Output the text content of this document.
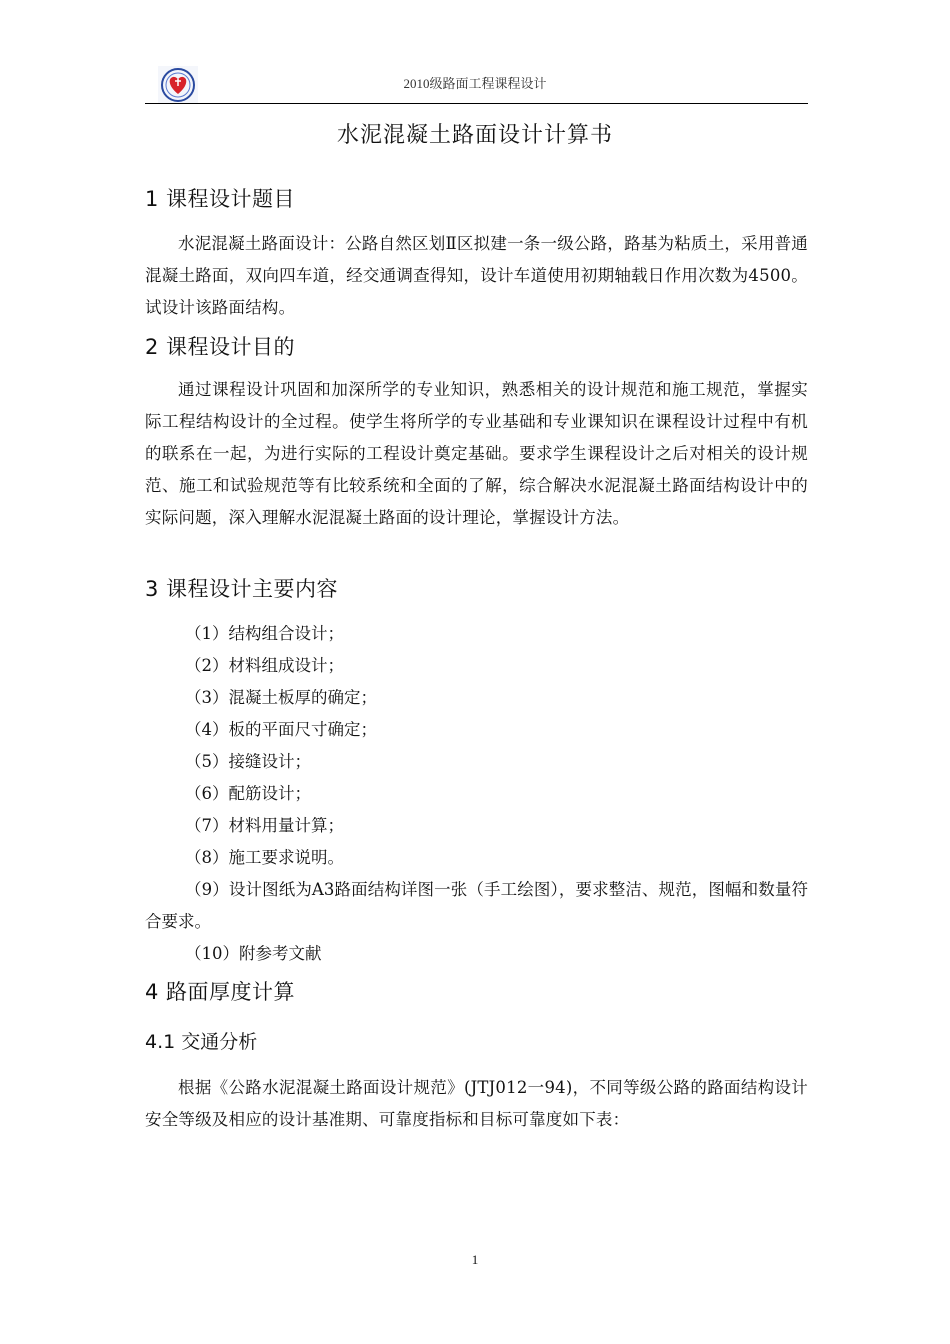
2010级路面工程课程设计
水泥混凝土路面设计计算书
1 课程设计题目
水泥混凝土路面设计：公路自然区划Ⅱ区拟建一条一级公路，路基为粘质土，采用普通混凝土路面，双向四车道，经交通调查得知，设计车道使用初期轴载日作用次数为4500。试设计该路面结构。
2 课程设计目的
通过课程设计巩固和加深所学的专业知识，熟悉相关的设计规范和施工规范，掌握实际工程结构设计的全过程。使学生将所学的专业基础和专业课知识在课程设计过程中有机的联系在一起，为进行实际的工程设计奠定基础。要求学生课程设计之后对相关的设计规范、施工和试验规范等有比较系统和全面的了解，综合解决水泥混凝土路面结构设计中的实际问题，深入理解水泥混凝土路面的设计理论，掌握设计方法。
3 课程设计主要内容
（1）结构组合设计；
（2）材料组成设计；
（3）混凝土板厚的确定；
（4）板的平面尺寸确定；
（5）接缝设计；
（6）配筋设计；
（7）材料用量计算；
（8）施工要求说明。
（9）设计图纸为A3路面结构详图一张（手工绘图），要求整洁、规范，图幅和数量符合要求。
（10）附参考文献
4 路面厚度计算
4.1 交通分析
根据《公路水泥混凝土路面设计规范》(JTJ012一94)，不同等级公路的路面结构设计安全等级及相应的设计基准期、可靠度指标和目标可靠度如下表：
1
